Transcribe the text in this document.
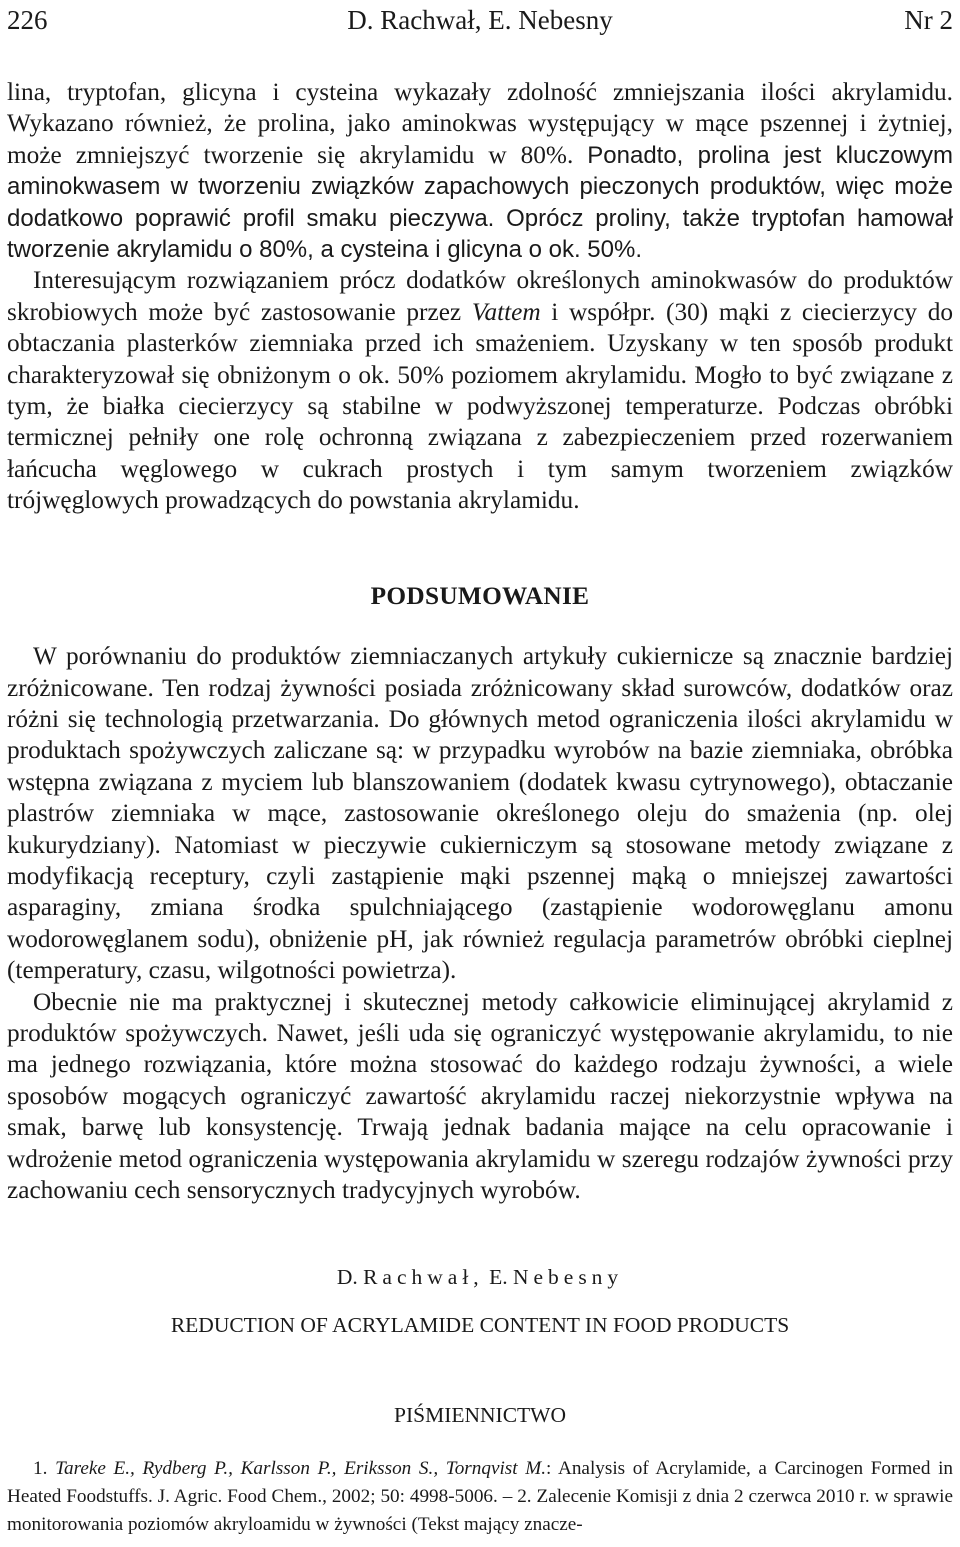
226	D. Rachwał, E. Nebesny	Nr 2

lina, tryptofan, glicyna i cysteina wykazały zdolność zmniejszania ilości akrylamidu. Wykazano również, że prolina, jako aminokwas występujący w mące pszennej i żytniej, może zmniejszyć tworzenie się akrylamidu w 80%. Ponadto, prolina jest kluczowym aminokwasem w tworzeniu związków zapachowych pieczonych produktów, więc może dodatkowo poprawić profil smaku pieczywa. Oprócz proliny, także tryptofan hamował tworzenie akrylamidu o 80%, a cysteina i glicyna o ok. 50%.

Interesującym rozwiązaniem prócz dodatków określonych aminokwasów do produktów skrobiowych może być zastosowanie przez Vattem i współpr. (30) mąki z ciecierzycy do obtaczania plasterków ziemniaka przed ich smażeniem. Uzyskany w ten sposób produkt charakteryzował się obniżonym o ok. 50% poziomem akrylamidu. Mogło to być związane z tym, że białka ciecierzycy są stabilne w podwyższonej temperaturze. Podczas obróbki termicznej pełniły one rolę ochronną związana z zabezpieczeniem przed rozerwaniem łańcucha węglowego w cukrach prostych i tym samym tworzeniem związków trójwęglowych prowadzących do powstania akrylamidu.

PODSUMOWANIE

W porównaniu do produktów ziemniaczanych artykuły cukiernicze są znacznie bardziej zróżnicowane. Ten rodzaj żywności posiada zróżnicowany skład surowców, dodatków oraz różni się technologią przetwarzania. Do głównych metod ograniczenia ilości akrylamidu w produktach spożywczych zaliczane są: w przypadku wyrobów na bazie ziemniaka, obróbka wstępna związana z myciem lub blanszowaniem (dodatek kwasu cytrynowego), obtaczanie plastrów ziemniaka w mące, zastosowanie określonego oleju do smażenia (np. olej kukurydziany). Natomiast w pieczywie cukierniczym są stosowane metody związane z modyfikacją receptury, czyli zastąpienie mąki pszennej mąką o mniejszej zawartości asparaginy, zmiana środka spulchniającego (zastąpienie wodorowęglanu amonu wodorowęglanem sodu), obniżenie pH, jak również regulacja parametrów obróbki cieplnej (temperatury, czasu, wilgotności powietrza).

Obecnie nie ma praktycznej i skutecznej metody całkowicie eliminującej akrylamid z produktów spożywczych. Nawet, jeśli uda się ograniczyć występowanie akrylamidu, to nie ma jednego rozwiązania, które można stosować do każdego rodzaju żywności, a wiele sposobów mogących ograniczyć zawartość akrylamidu raczej niekorzystnie wpływa na smak, barwę lub konsystencję. Trwają jednak badania mające na celu opracowanie i wdrożenie metod ograniczenia występowania akrylamidu w szeregu rodzajów żywności przy zachowaniu cech sensorycznych tradycyjnych wyrobów.

D. Rachwał, E. Nebesny
REDUCTION OF ACRYLAMIDE CONTENT IN FOOD PRODUCTS
PIŚMIENNICTWO
1. Tareke E., Rydberg P., Karlsson P., Eriksson S., Tornqvist M.: Analysis of Acrylamide, a Carcinogen Formed in Heated Foodstuffs. J. Agric. Food Chem., 2002; 50: 4998-5006. – 2. Zalecenie Komisji z dnia 2 czerwca 2010 r. w sprawie monitorowania poziomów akryloamidu w żywności (Tekst mający znacze-
